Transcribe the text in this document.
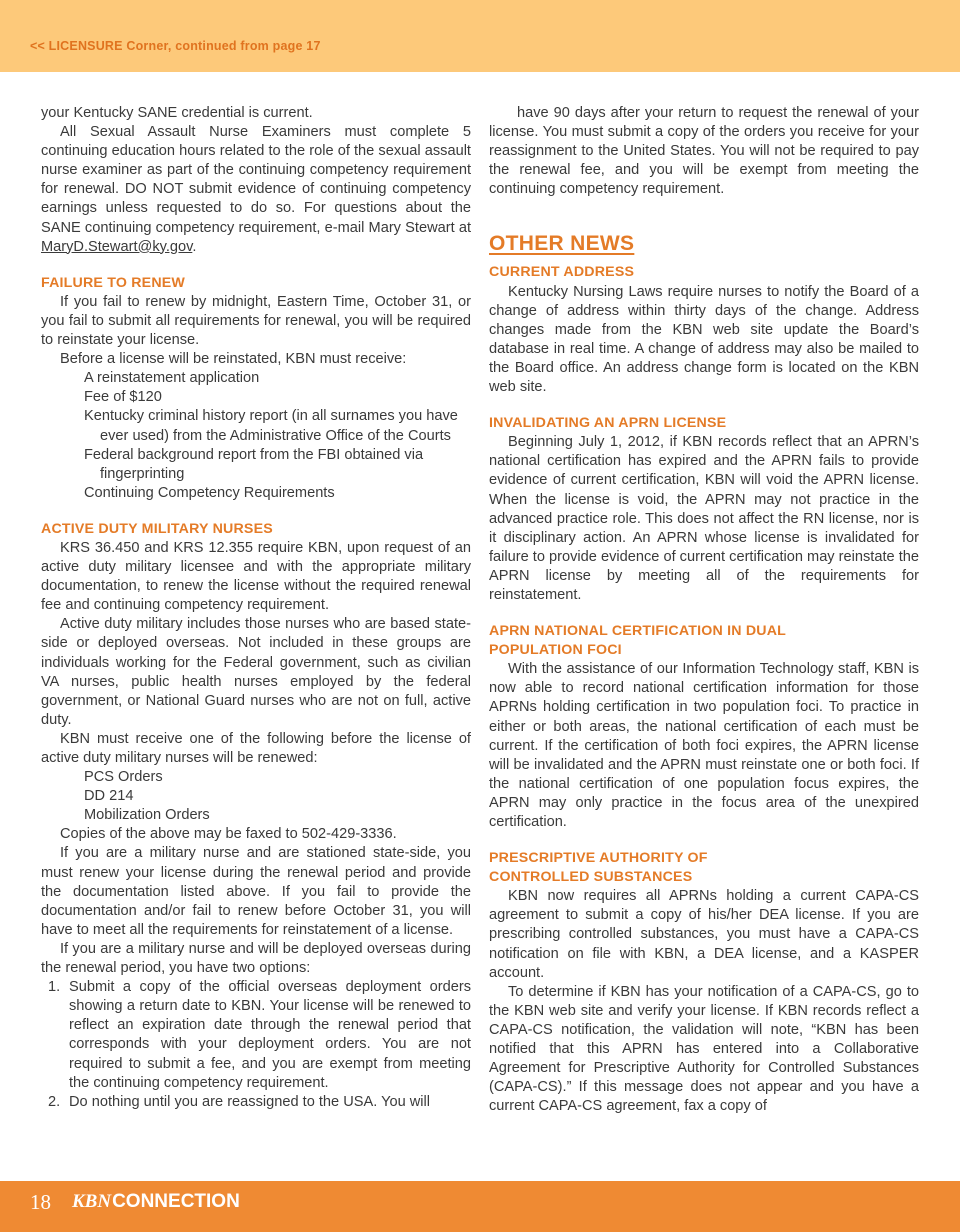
<< LICENSURE Corner, continued from page 17

your Kentucky SANE credential is current.

All Sexual Assault Nurse Examiners must complete 5 continuing education hours related to the role of the sexual assault nurse examiner as part of the continuing competency requirement for renewal. DO NOT submit evidence of continuing competency earnings unless requested to do so. For questions about the SANE continuing competency requirement, e-mail Mary Stewart at MaryD.Stewart@ky.gov.

FAILURE TO RENEW

If you fail to renew by midnight, Eastern Time, October 31, or you fail to submit all requirements for renewal, you will be required to reinstate your license.

Before a license will be reinstated, KBN must receive:

A reinstatement application
Fee of $120
Kentucky criminal history report (in all surnames you have ever used) from the Administrative Office of the Courts
Federal background report from the FBI obtained via fingerprinting
Continuing Competency Requirements
ACTIVE DUTY MILITARY NURSES

KRS 36.450 and KRS 12.355 require KBN, upon request of an active duty military licensee and with the appropriate military documentation, to renew the license without the required renewal fee and continuing competency requirement.

Active duty military includes those nurses who are based state-side or deployed overseas. Not included in these groups are individuals working for the Federal government, such as civilian VA nurses, public health nurses employed by the federal government, or National Guard nurses who are not on full, active duty.

KBN must receive one of the following before the license of active duty military nurses will be renewed:

PCS Orders
DD 214
Mobilization Orders

Copies of the above may be faxed to 502-429-3336.

If you are a military nurse and are stationed state-side, you must renew your license during the renewal period and provide the documentation listed above. If you fail to provide the documentation and/or fail to renew before October 31, you will have to meet all the requirements for reinstatement of a license.

If you are a military nurse and will be deployed overseas during the renewal period, you have two options:

1. Submit a copy of the official overseas deployment orders showing a return date to KBN. Your license will be renewed to reflect an expiration date through the renewal period that corresponds with your deployment orders. You are not required to submit a fee, and you are exempt from meeting the continuing competency requirement.
2. Do nothing until you are reassigned to the USA. You will

have 90 days after your return to request the renewal of your license. You must submit a copy of the orders you receive for your reassignment to the United States. You will not be required to pay the renewal fee, and you will be exempt from meeting the continuing competency requirement.

OTHER NEWS
CURRENT ADDRESS

Kentucky Nursing Laws require nurses to notify the Board of a change of address within thirty days of the change. Address changes made from the KBN web site update the Board’s database in real time. A change of address may also be mailed to the Board office. An address change form is located on the KBN web site.

INVALIDATING AN APRN LICENSE

Beginning July 1, 2012, if KBN records reflect that an APRN’s national certification has expired and the APRN fails to provide evidence of current certification, KBN will void the APRN license. When the license is void, the APRN may not practice in the advanced practice role. This does not affect the RN license, nor is it disciplinary action. An APRN whose license is invalidated for failure to provide evidence of current certification may reinstate the APRN license by meeting all of the requirements for reinstatement.

APRN NATIONAL CERTIFICATION IN DUAL
POPULATION FOCI

With the assistance of our Information Technology staff, KBN is now able to record national certification information for those APRNs holding certification in two population foci. To practice in either or both areas, the national certification of each must be current. If the certification of both foci expires, the APRN license will be invalidated and the APRN must reinstate one or both foci. If the national certification of one population focus expires, the APRN may only practice in the focus area of the unexpired certification.

PRESCRIPTIVE AUTHORITY OF
CONTROLLED SUBSTANCES

KBN now requires all APRNs holding a current CAPA-CS agreement to submit a copy of his/her DEA license. If you are prescribing controlled substances, you must have a CAPA-CS notification on file with KBN, a DEA license, and a KASPER account.

To determine if KBN has your notification of a CAPA-CS, go to the KBN web site and verify your license. If KBN records reflect a CAPA-CS notification, the validation will note, “KBN has been notified that this APRN has entered into a Collaborative Agreement for Prescriptive Authority for Controlled Substances (CAPA-CS).” If this message does not appear and you have a current CAPA-CS agreement, fax a copy of

18 KBNCONNECTION
